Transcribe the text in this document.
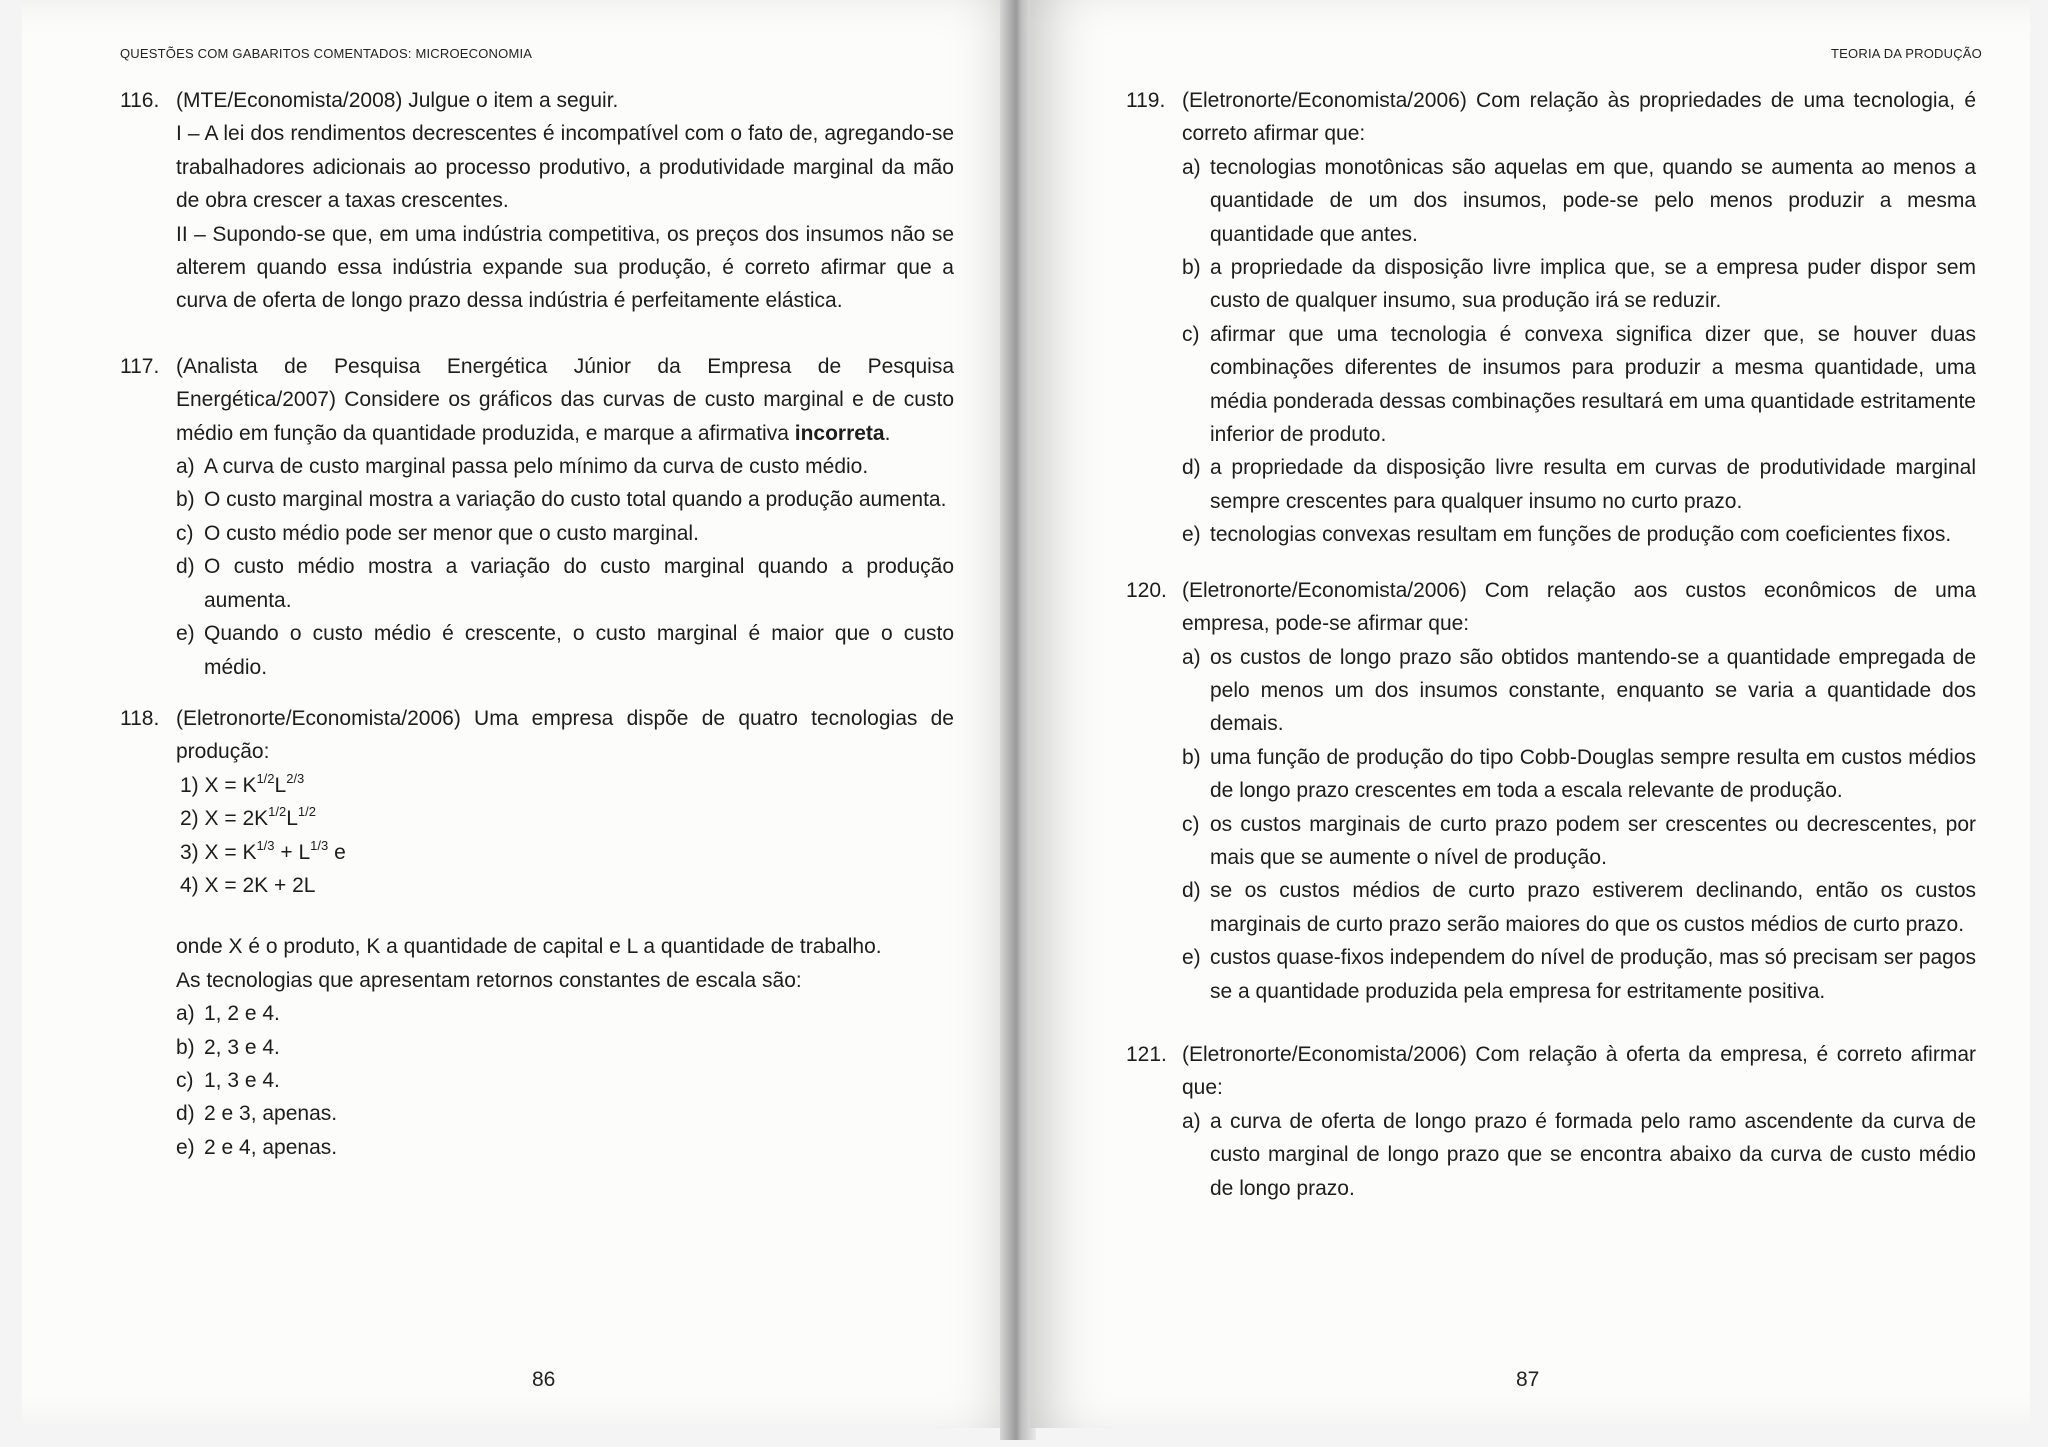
QUESTÕES COM GABARITOS COMENTADOS: MICROECONOMIA
116. (MTE/Economista/2008) Julgue o item a seguir.

I – A lei dos rendimentos decrescentes é incompatível com o fato de, agregando-se trabalhadores adicionais ao processo produtivo, a produtividade marginal da mão de obra crescer a taxas crescentes.

II – Supondo-se que, em uma indústria competitiva, os preços dos insumos não se alterem quando essa indústria expande sua produção, é correto afirmar que a curva de oferta de longo prazo dessa indústria é perfeitamente elástica.

117. (Analista de Pesquisa Energética Júnior da Empresa de Pesquisa Energética/2007) Considere os gráficos das curvas de custo marginal e de custo médio em função da quantidade produzida, e marque a afirmativa incorreta.

a) A curva de custo marginal passa pelo mínimo da curva de custo médio.
b) O custo marginal mostra a variação do custo total quando a produção aumenta.
c) O custo médio pode ser menor que o custo marginal.
d) O custo médio mostra a variação do custo marginal quando a produção aumenta.
e) Quando o custo médio é crescente, o custo marginal é maior que o custo médio.
118. (Eletronorte/Economista/2006) Uma empresa dispõe de quatro tecnologias de produção:

1) $X = K^{1/2}L^{2/3}$
2) $X = 2K^{1/2}L^{1/2}$
3) $X = K^{1/3} + L^{1/3}$ e
4) X = 2K + 2L

onde X é o produto, K a quantidade de capital e L a quantidade de trabalho.

As tecnologias que apresentam retornos constantes de escala são:

a) 1, 2 e 4.
b) 2, 3 e 4.
c) 1, 3 e 4.
d) 2 e 3, apenas.
e) 2 e 4, apenas.
86
TEORIA DA PRODUÇÃO
119. (Eletronorte/Economista/2006) Com relação às propriedades de uma tecnologia, é correto afirmar que:

a) tecnologias monotônicas são aquelas em que, quando se aumenta ao menos a quantidade de um dos insumos, pode-se pelo menos produzir a mesma quantidade que antes.
b) a propriedade da disposição livre implica que, se a empresa puder dispor sem custo de qualquer insumo, sua produção irá se reduzir.
c) afirmar que uma tecnologia é convexa significa dizer que, se houver duas combinações diferentes de insumos para produzir a mesma quantidade, uma média ponderada dessas combinações resultará em uma quantidade estritamente inferior de produto.
d) a propriedade da disposição livre resulta em curvas de produtividade marginal sempre crescentes para qualquer insumo no curto prazo.
e) tecnologias convexas resultam em funções de produção com coeficientes fixos.
120. (Eletronorte/Economista/2006) Com relação aos custos econômicos de uma empresa, pode-se afirmar que:

a) os custos de longo prazo são obtidos mantendo-se a quantidade empregada de pelo menos um dos insumos constante, enquanto se varia a quantidade dos demais.
b) uma função de produção do tipo Cobb-Douglas sempre resulta em custos médios de longo prazo crescentes em toda a escala relevante de produção.
c) os custos marginais de curto prazo podem ser crescentes ou decrescentes, por mais que se aumente o nível de produção.
d) se os custos médios de curto prazo estiverem declinando, então os custos marginais de curto prazo serão maiores do que os custos médios de curto prazo.
e) custos quase-fixos independem do nível de produção, mas só precisam ser pagos se a quantidade produzida pela empresa for estritamente positiva.
121. (Eletronorte/Economista/2006) Com relação à oferta da empresa, é correto afirmar que:

a) a curva de oferta de longo prazo é formada pelo ramo ascendente da curva de custo marginal de longo prazo que se encontra abaixo da curva de custo médio de longo prazo.
87
